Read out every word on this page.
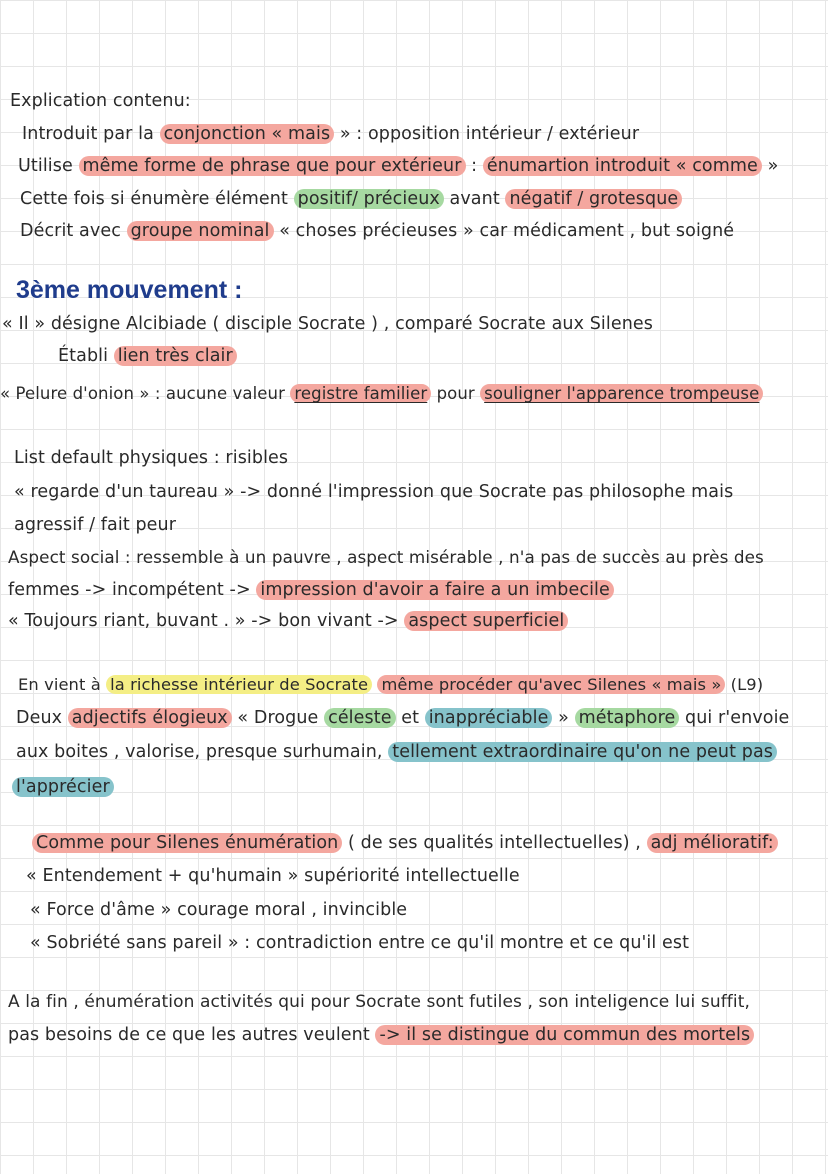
Explication contenu:
Introduit par la conjonction « mais » : opposition intérieur / extérieur
Utilise même forme de phrase que pour extérieur : énumartion introduit « comme »
Cette fois si énumère élément positif/ précieux avant négatif / grotesque
Décrit avec groupe nominal « choses précieuses » car médicament , but soigné
3ème mouvement :
« Il » désigne Alcibiade ( disciple Socrate ) , comparé Socrate aux Silenes
Établi lien très clair
« Pelure d'onion » : aucune valeur registre familier pour souligner l'apparence trompeuse
List default physiques : risibles
« regarde d'un taureau » -> donné l'impression que Socrate pas philosophe mais
agressif / fait peur
Aspect social : ressemble à un pauvre , aspect misérable , n'a pas de succès au près des
femmes -> incompétent -> impression d'avoir a faire a un imbecile
« Toujours riant, buvant . » -> bon vivant -> aspect superficiel
En vient à la richesse intérieur de Socrate même procéder qu'avec Silenes « mais » (L9)
Deux adjectifs élogieux « Drogue céleste et inappréciable » métaphore qui r'envoie
aux boites , valorise, presque surhumain, tellement extraordinaire qu'on ne peut pas
l'apprécier
Comme pour Silenes énumération ( de ses qualités intellectuelles) , adj mélioratif:
« Entendement + qu'humain » supériorité intellectuelle
« Force d'âme » courage moral , invincible
« Sobriété sans pareil » : contradiction entre ce qu'il montre et ce qu'il est
A la fin , énumération activités qui pour Socrate sont futiles , son inteligence lui suffit,
pas besoins de ce que les autres veulent -> il se distingue du commun des mortels
